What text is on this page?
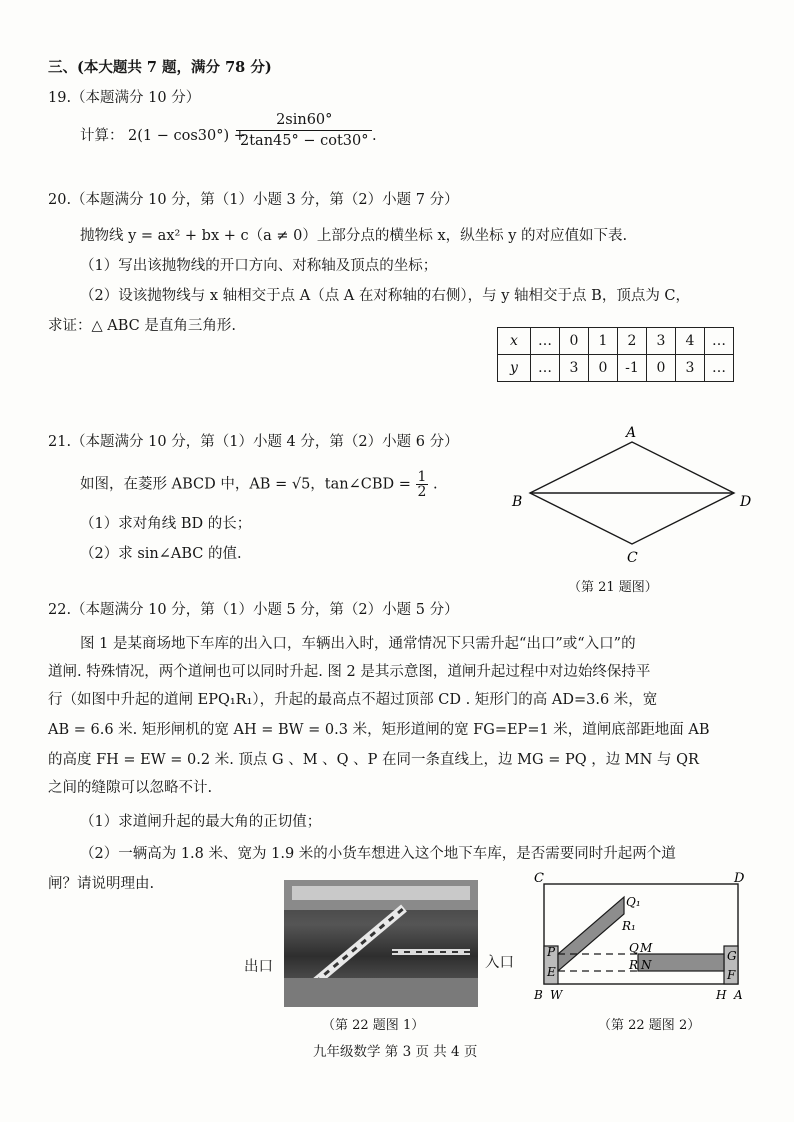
三、(本大题共 7 题，满分 78 分)
19.（本题满分 10 分）
计算： 2(1 − cos30°) +
$\frac{2\sin 60^\circ}{2\tan 45^\circ - \cot 30^\circ}$ .
20.（本题满分 10 分，第（1）小题 3 分，第（2）小题 7 分）
抛物线 y = ax² + bx + c（a ≠ 0）上部分点的横坐标 x，纵坐标 y 的对应值如下表.
（1）写出该抛物线的开口方向、对称轴及顶点的坐标；
（2）设该抛物线与 x 轴相交于点 A（点 A 在对称轴的右侧），与 y 轴相交于点 B，顶点为 C，
求证：△ ABC 是直角三角形.
x	…	0	1	2	3	4	…
y	…	3	0	-1	0	3	…
21.（本题满分 10 分，第（1）小题 4 分，第（2）小题 6 分）
如图，在菱形 ABCD 中，AB = √5，tan∠CBD = $\frac{1}{2}$ .
（1）求对角线 BD 的长；
（2）求 sin∠ABC 的值.
A
B
C
D
（第 21 题图）
22.（本题满分 10 分，第（1）小题 5 分，第（2）小题 5 分）
图 1 是某商场地下车库的出入口，车辆出入时，通常情况下只需升起“出口”或“入口”的
道闸. 特殊情况，两个道闸也可以同时升起. 图 2 是其示意图，道闸升起过程中对边始终保持平
行（如图中升起的道闸 EPQ₁R₁），升起的最高点不超过顶部 CD . 矩形门的高 AD=3.6 米，宽
AB = 6.6 米. 矩形闸机的宽 AH = BW = 0.3 米，矩形道闸的宽 FG=EP=1 米，道闸底部距地面 AB
的高度 FH = EW = 0.2 米. 顶点 G 、M 、Q 、P 在同一条直线上，边 MG = PQ ，边 MN 与 QR
之间的缝隙可以忽略不计.
（1）求道闸升起的最大角的正切值；
（2）一辆高为 1.8 米、宽为 1.9 米的小货车想进入这个地下车库，是否需要同时升起两个道
闸？请说明理由.
出口	入口
（第 22 题图 1）
C	D
Q₁
R₁
P
E
Q M
R N
G
F
B W	H A
（第 22 题图 2）
九年级数学 第 3 页 共 4 页
